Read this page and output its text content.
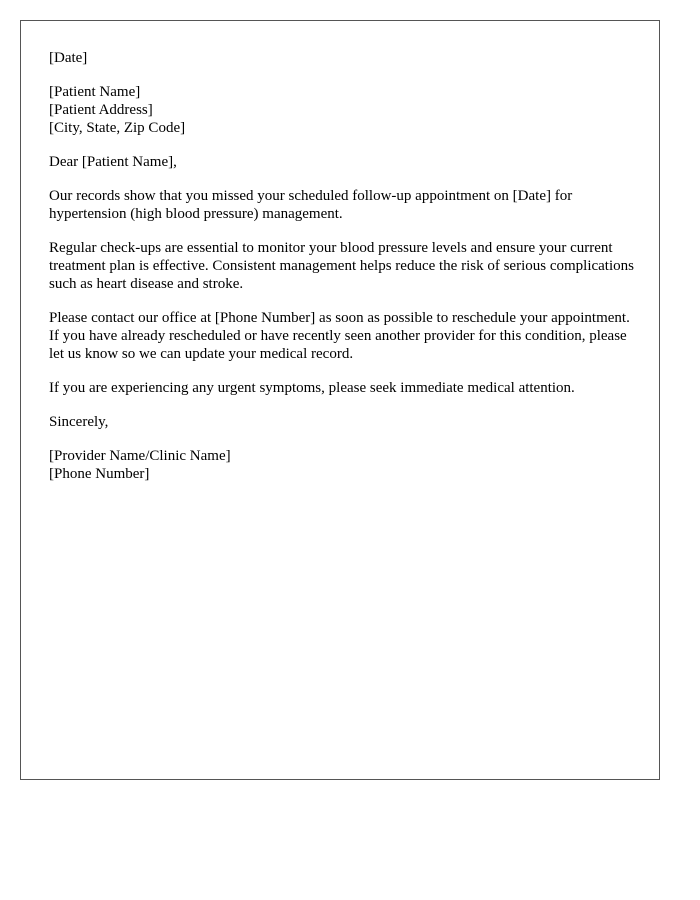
[Date]
[Patient Name]
[Patient Address]
[City, State, Zip Code]
Dear [Patient Name],

Our records show that you missed your scheduled follow-up appointment on [Date] for hypertension (high blood pressure) management.

Regular check-ups are essential to monitor your blood pressure levels and ensure your current treatment plan is effective. Consistent management helps reduce the risk of serious complications such as heart disease and stroke.

Please contact our office at [Phone Number] as soon as possible to reschedule your appointment. If you have already rescheduled or have recently seen another provider for this condition, please let us know so we can update your medical record.

If you are experiencing any urgent symptoms, please seek immediate medical attention.

Sincerely,
[Provider Name/Clinic Name]
[Phone Number]
